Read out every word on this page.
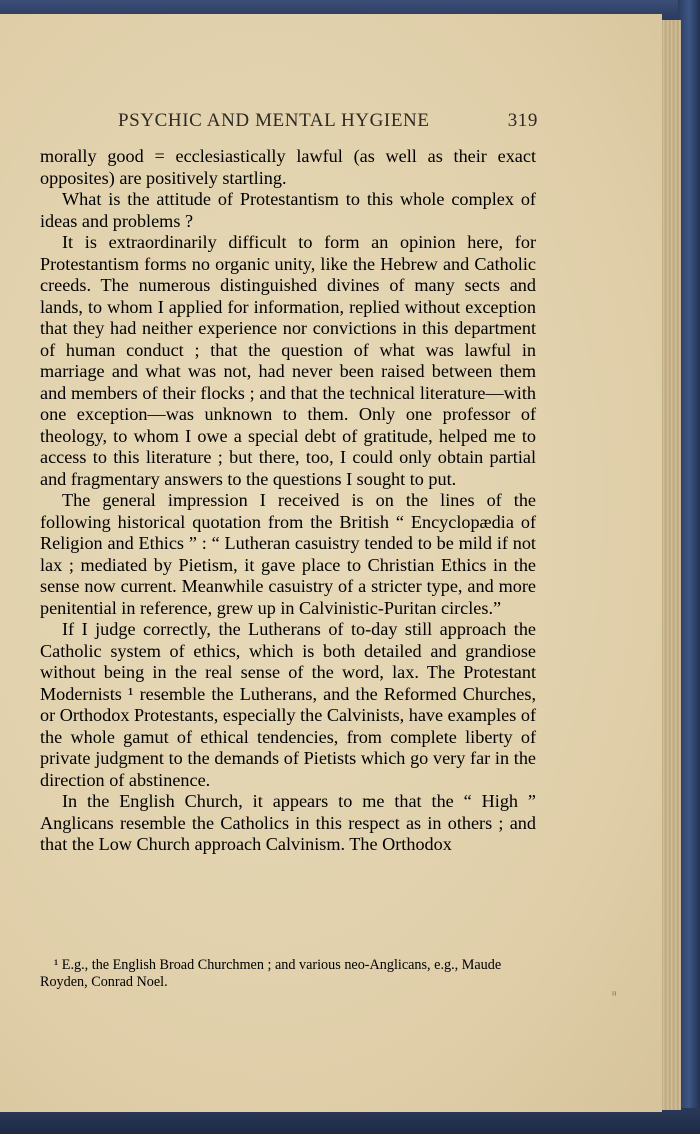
PSYCHIC AND MENTAL HYGIENE	319

morally good = ecclesiastically lawful (as well as their exact opposites) are positively startling.

What is the attitude of Protestantism to this whole complex of ideas and problems ?

It is extraordinarily difficult to form an opinion here, for Protestantism forms no organic unity, like the Hebrew and Catholic creeds. The numerous distinguished divines of many sects and lands, to whom I applied for information, replied without exception that they had neither experience nor convictions in this department of human conduct ; that the question of what was lawful in marriage and what was not, had never been raised between them and members of their flocks ; and that the technical literature—with one exception—was unknown to them. Only one professor of theology, to whom I owe a special debt of gratitude, helped me to access to this literature ; but there, too, I could only obtain partial and fragmentary answers to the questions I sought to put.

The general impression I received is on the lines of the following historical quotation from the British “ Encyclopædia of Religion and Ethics ” : “ Lutheran casuistry tended to be mild if not lax ; mediated by Pietism, it gave place to Christian Ethics in the sense now current. Meanwhile casuistry of a stricter type, and more penitential in reference, grew up in Calvinistic-Puritan circles.”

If I judge correctly, the Lutherans of to-day still approach the Catholic system of ethics, which is both detailed and grandiose without being in the real sense of the word, lax. The Protestant Modernists ¹ resemble the Lutherans, and the Reformed Churches, or Orthodox Protestants, especially the Calvinists, have examples of the whole gamut of ethical tendencies, from complete liberty of private judgment to the demands of Pietists which go very far in the direction of abstinence.

In the English Church, it appears to me that the “ High ” Anglicans resemble the Catholics in this respect as in others ; and that the Low Church approach Calvinism. The Orthodox

¹ E.g., the English Broad Churchmen ; and various neo-Anglicans, e.g., Maude Royden, Conrad Noel.
ᴴ
